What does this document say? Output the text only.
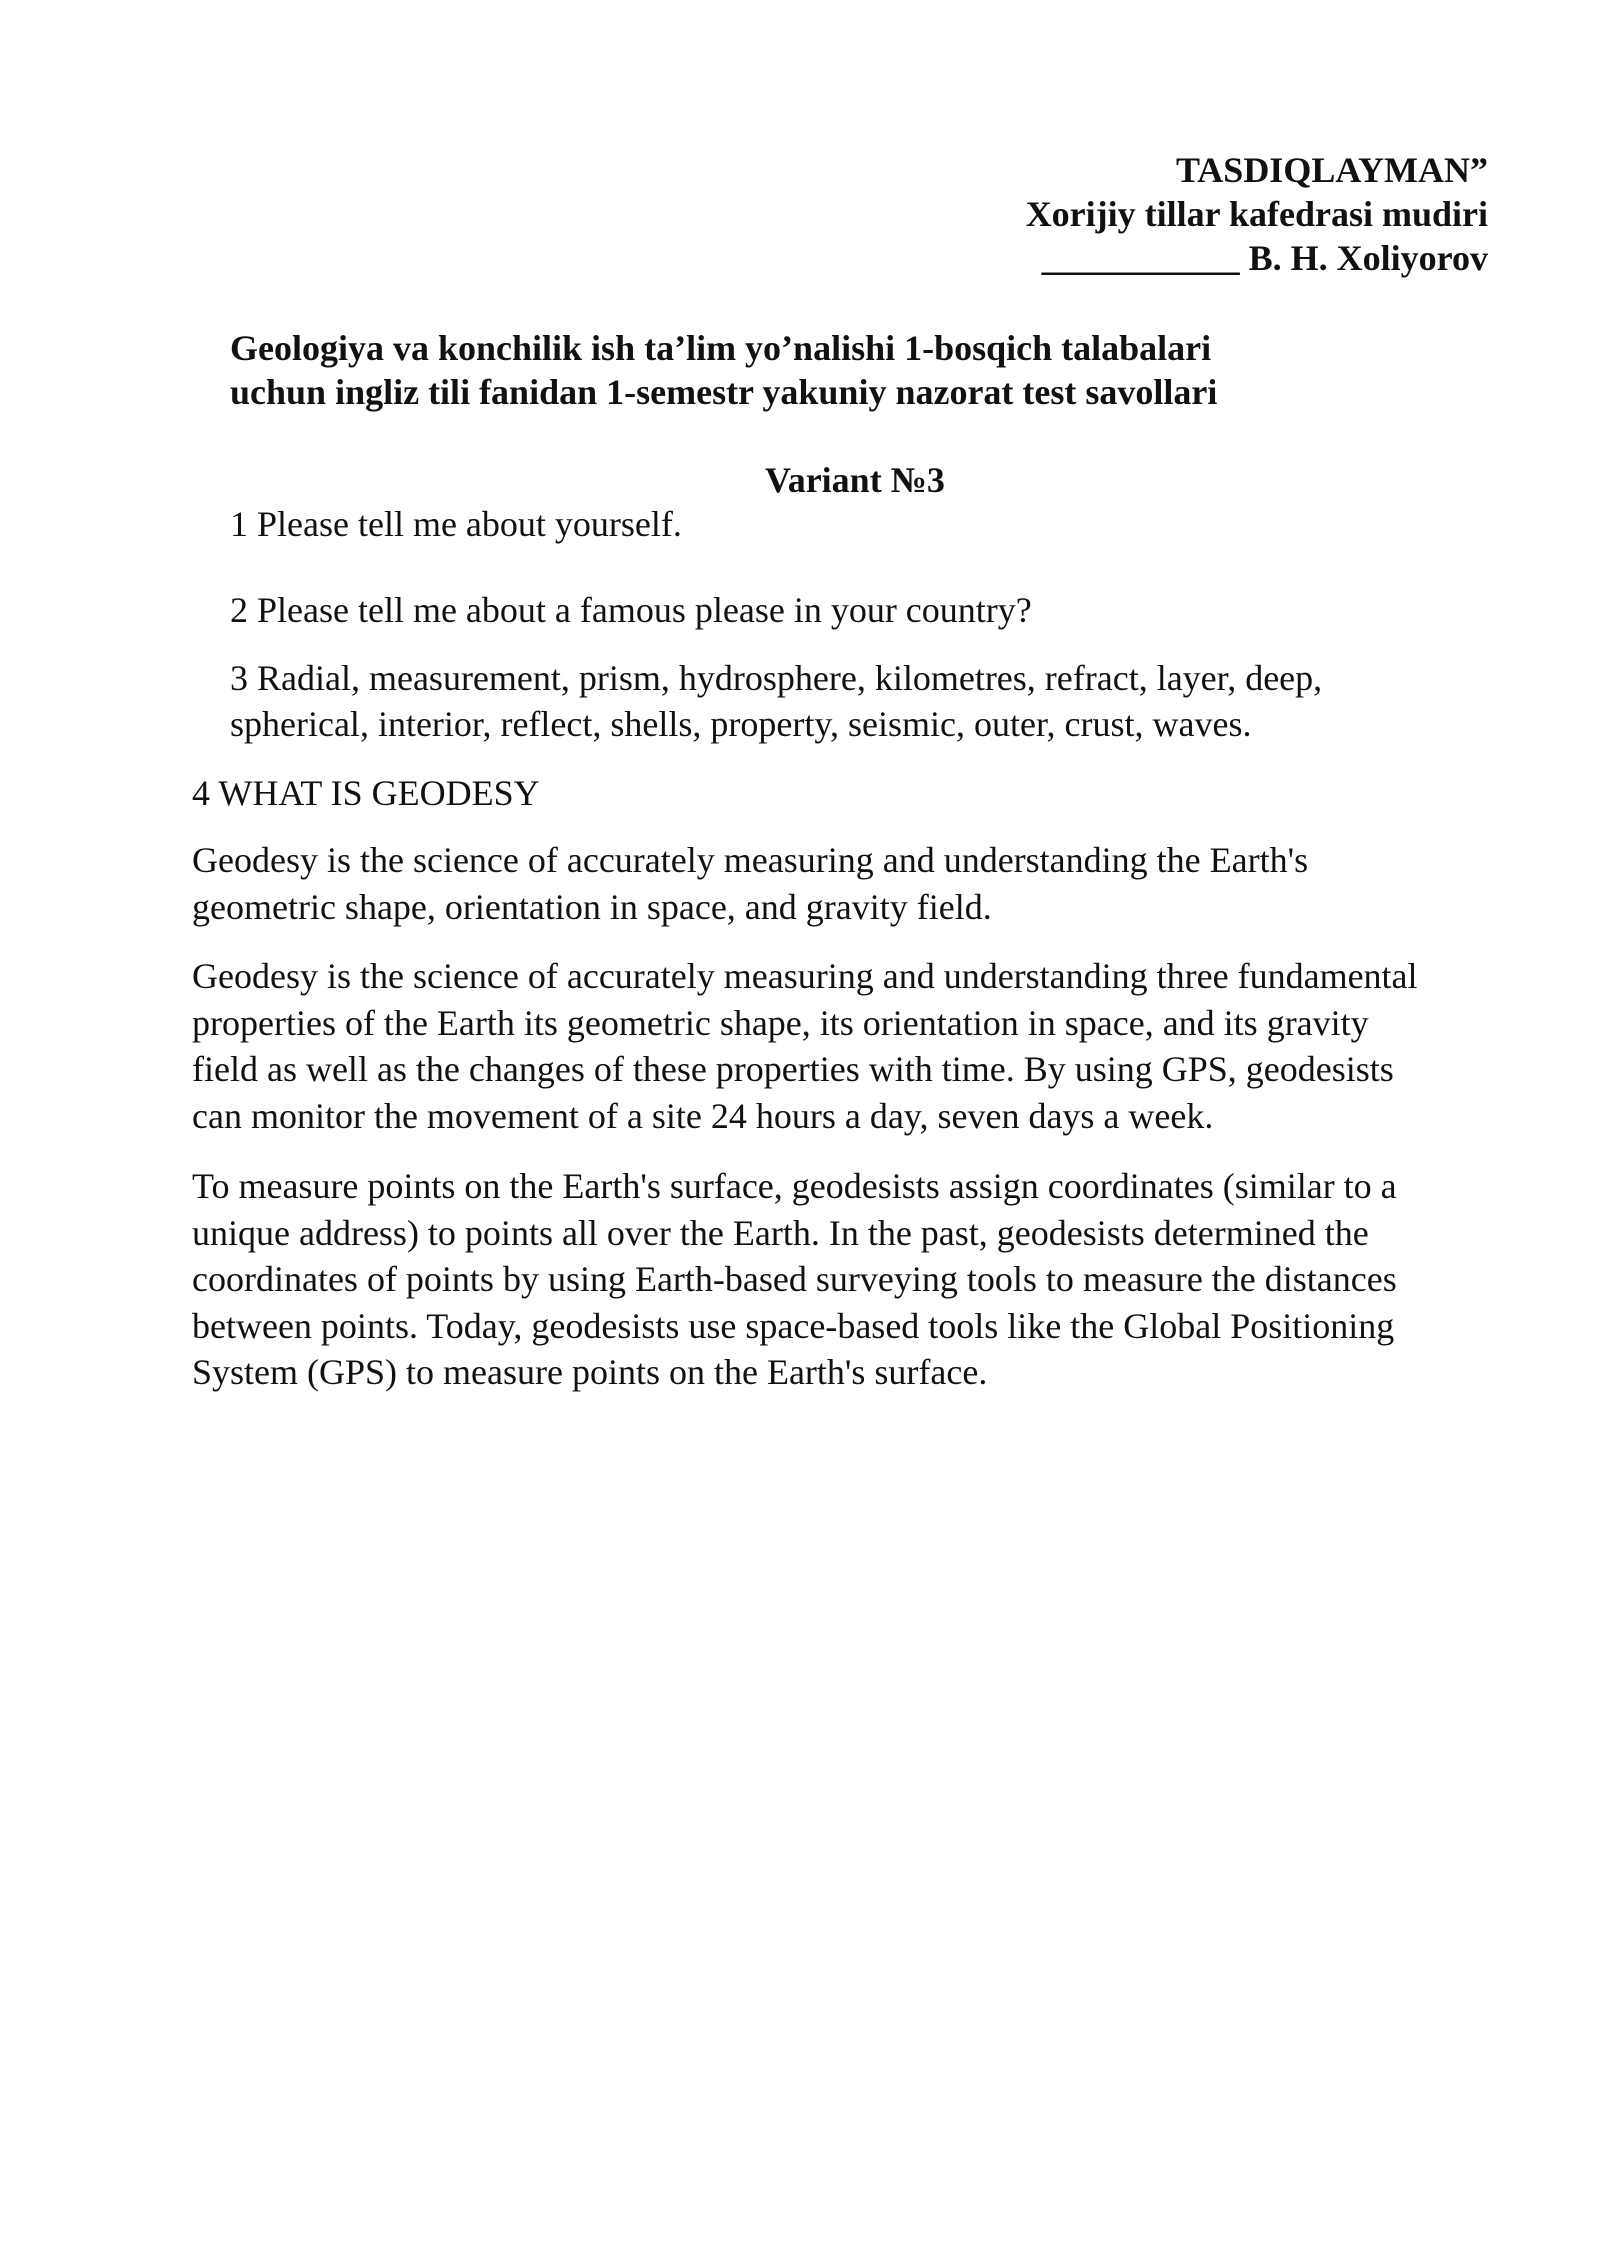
TASDIQLAYMAN”
Xorijiy tillar kafedrasi mudiri
___________ B. H. Xoliyorov
Geologiya va konchilik ish ta’lim yo’nalishi 1-bosqich talabalari
uchun ingliz tili fanidan 1-semestr yakuniy nazorat test savollari
Variant №3
1 Please tell me about yourself.
2 Please tell me about a famous please in your country?
3 Radial, measurement, prism, hydrosphere, kilometres, refract, layer, deep,
spherical, interior, reflect, shells, property, seismic, outer, crust, waves.
4 WHAT IS GEODESY
Geodesy is the science of accurately measuring and understanding the Earth's
geometric shape, orientation in space, and gravity field.
Geodesy is the science of accurately measuring and understanding three fundamental
properties of the Earth its geometric shape, its orientation in space, and its gravity
field as well as the changes of these properties with time. By using GPS, geodesists
can monitor the movement of a site 24 hours a day, seven days a week.
To measure points on the Earth's surface, geodesists assign coordinates (similar to a
unique address) to points all over the Earth. In the past, geodesists determined the
coordinates of points by using Earth-based surveying tools to measure the distances
between points. Today, geodesists use space-based tools like the Global Positioning
System (GPS) to measure points on the Earth's surface.
